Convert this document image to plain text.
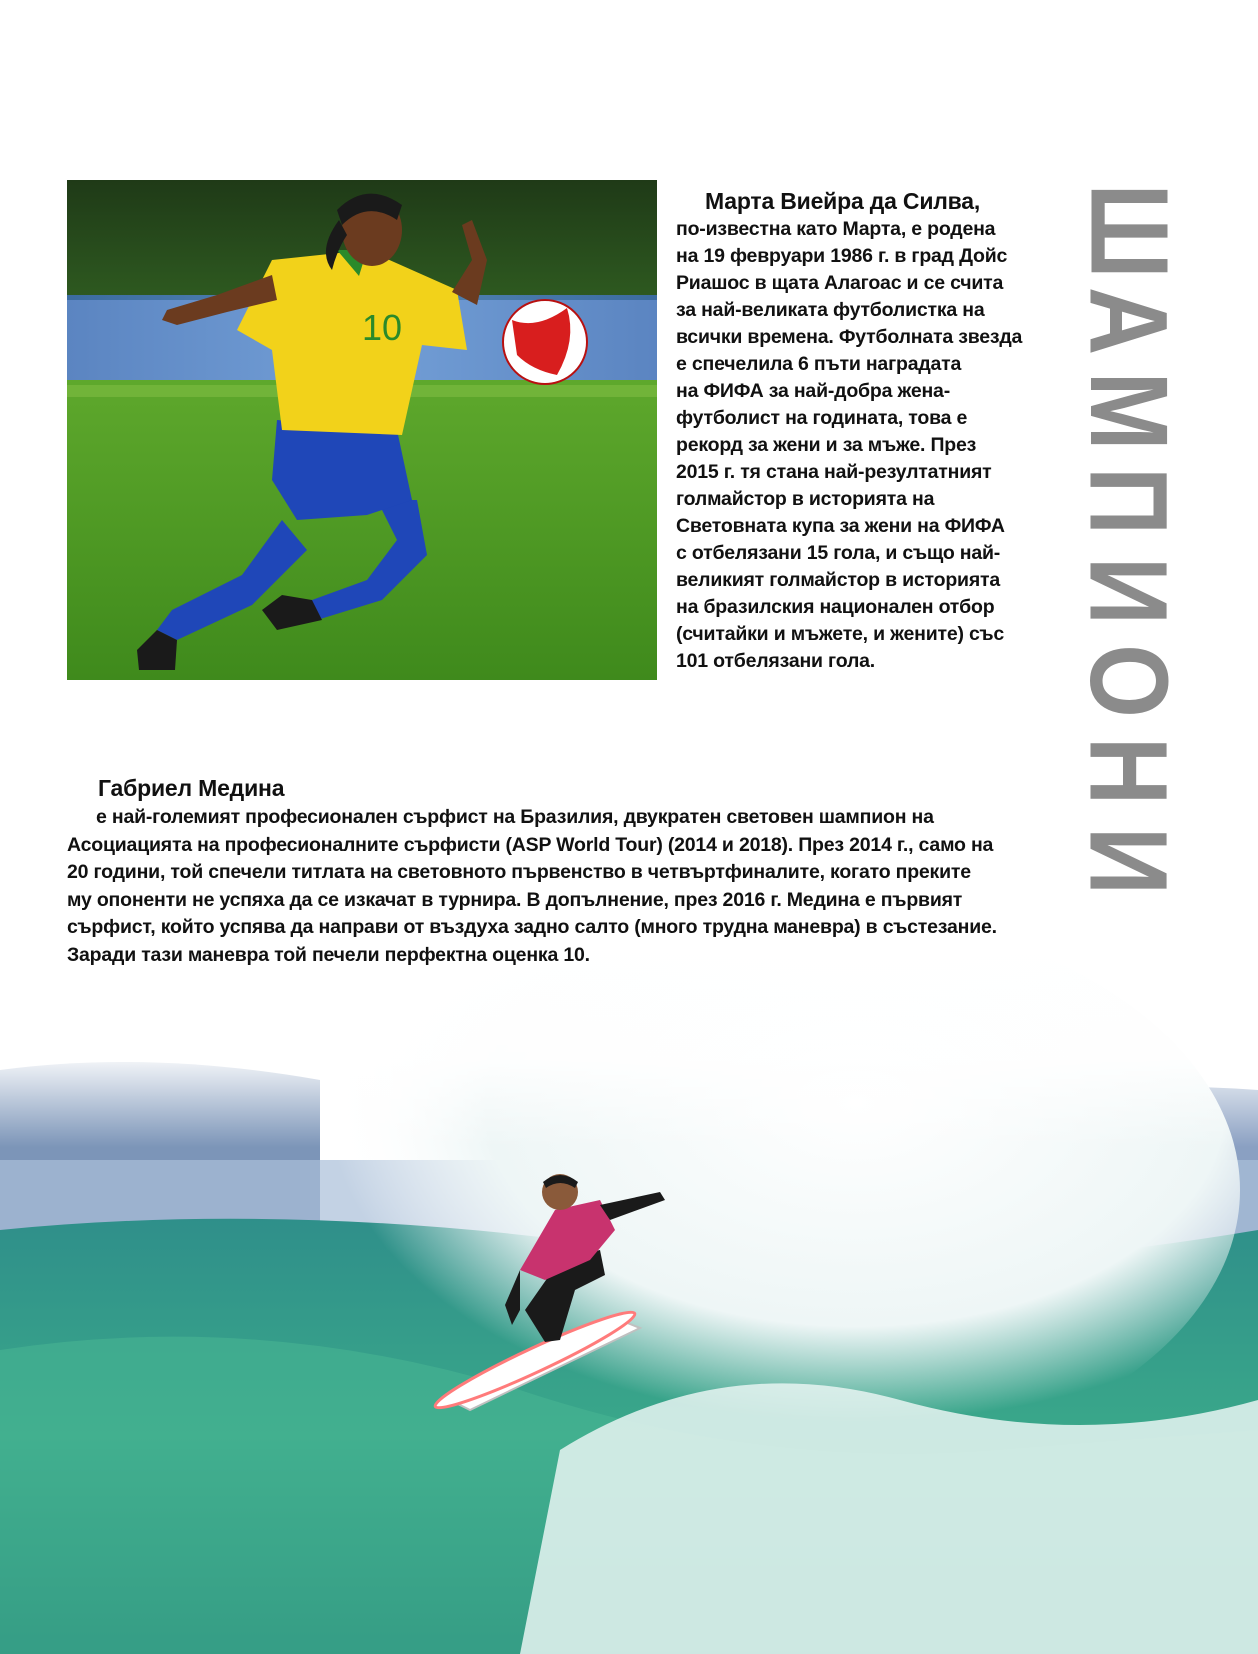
10
Марта Виейра да Силва,
по-известна като Марта, е родена
на 19 февруари 1986 г. в град Дойс
Риашос в щата Алагоас и се счита
за най-великата футболистка на
всички времена. Футболната звезда
е спечелила 6 пъти наградата
на ФИФА за най-добра жена-
футболист на годината, това е
рекорд за жени и за мъже. През
2015 г. тя стана най-резултатният
голмайстор в историята на
Световната купа за жени на ФИФА
с отбелязани 15 гола, и също най-
великият голмайстор в историята
на бразилския национален отбор
(считайки и мъжете, и жените) със
101 отбелязани гола.
Ш
А
М
П
И
О
Н
И
Габриел Медина
е най-големият професионален сърфист на Бразилия, двукратен световен шампион на
Асоциацията на професионалните сърфисти (ASP World Tour) (2014 и 2018). През 2014 г., само на
20 години, той спечели титлата на световното първенство в четвъртфиналите, когато преките
му опоненти не успяха да се изкачат в турнира. В допълнение, през 2016 г. Медина е първият
сърфист, който успява да направи от въздуха задно салто (много трудна маневра) в състезание.
Заради тази маневра той печели перфектна оценка 10.
